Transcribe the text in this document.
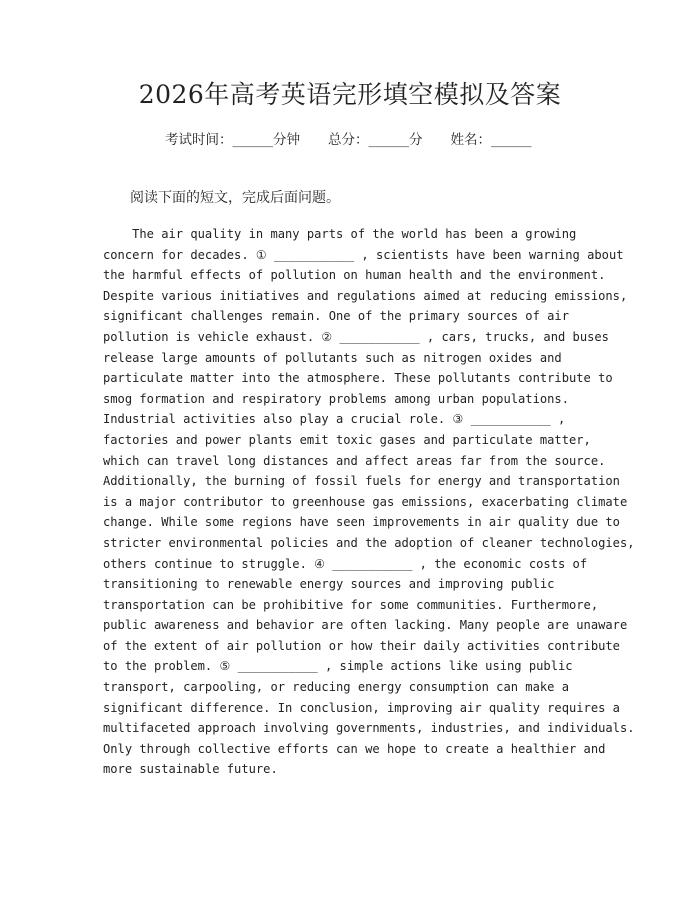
2026年高考英语完形填空模拟及答案
考试时间：______分钟 总分：______分 姓名：______
阅读下面的短文，完成后面问题。
The air quality in many parts of the world has been a growing
concern for decades. ① ___________ , scientists have been warning about
the harmful effects of pollution on human health and the environment.
Despite various initiatives and regulations aimed at reducing emissions,
significant challenges remain. One of the primary sources of air
pollution is vehicle exhaust. ② ___________ , cars, trucks, and buses
release large amounts of pollutants such as nitrogen oxides and
particulate matter into the atmosphere. These pollutants contribute to
smog formation and respiratory problems among urban populations.
Industrial activities also play a crucial role. ③ ___________ ,
factories and power plants emit toxic gases and particulate matter,
which can travel long distances and affect areas far from the source.
Additionally, the burning of fossil fuels for energy and transportation
is a major contributor to greenhouse gas emissions, exacerbating climate
change. While some regions have seen improvements in air quality due to
stricter environmental policies and the adoption of cleaner technologies,
others continue to struggle. ④ ___________ , the economic costs of
transitioning to renewable energy sources and improving public
transportation can be prohibitive for some communities. Furthermore,
public awareness and behavior are often lacking. Many people are unaware
of the extent of air pollution or how their daily activities contribute
to the problem. ⑤ ___________ , simple actions like using public
transport, carpooling, or reducing energy consumption can make a
significant difference. In conclusion, improving air quality requires a
multifaceted approach involving governments, industries, and individuals.
Only through collective efforts can we hope to create a healthier and
more sustainable future.
